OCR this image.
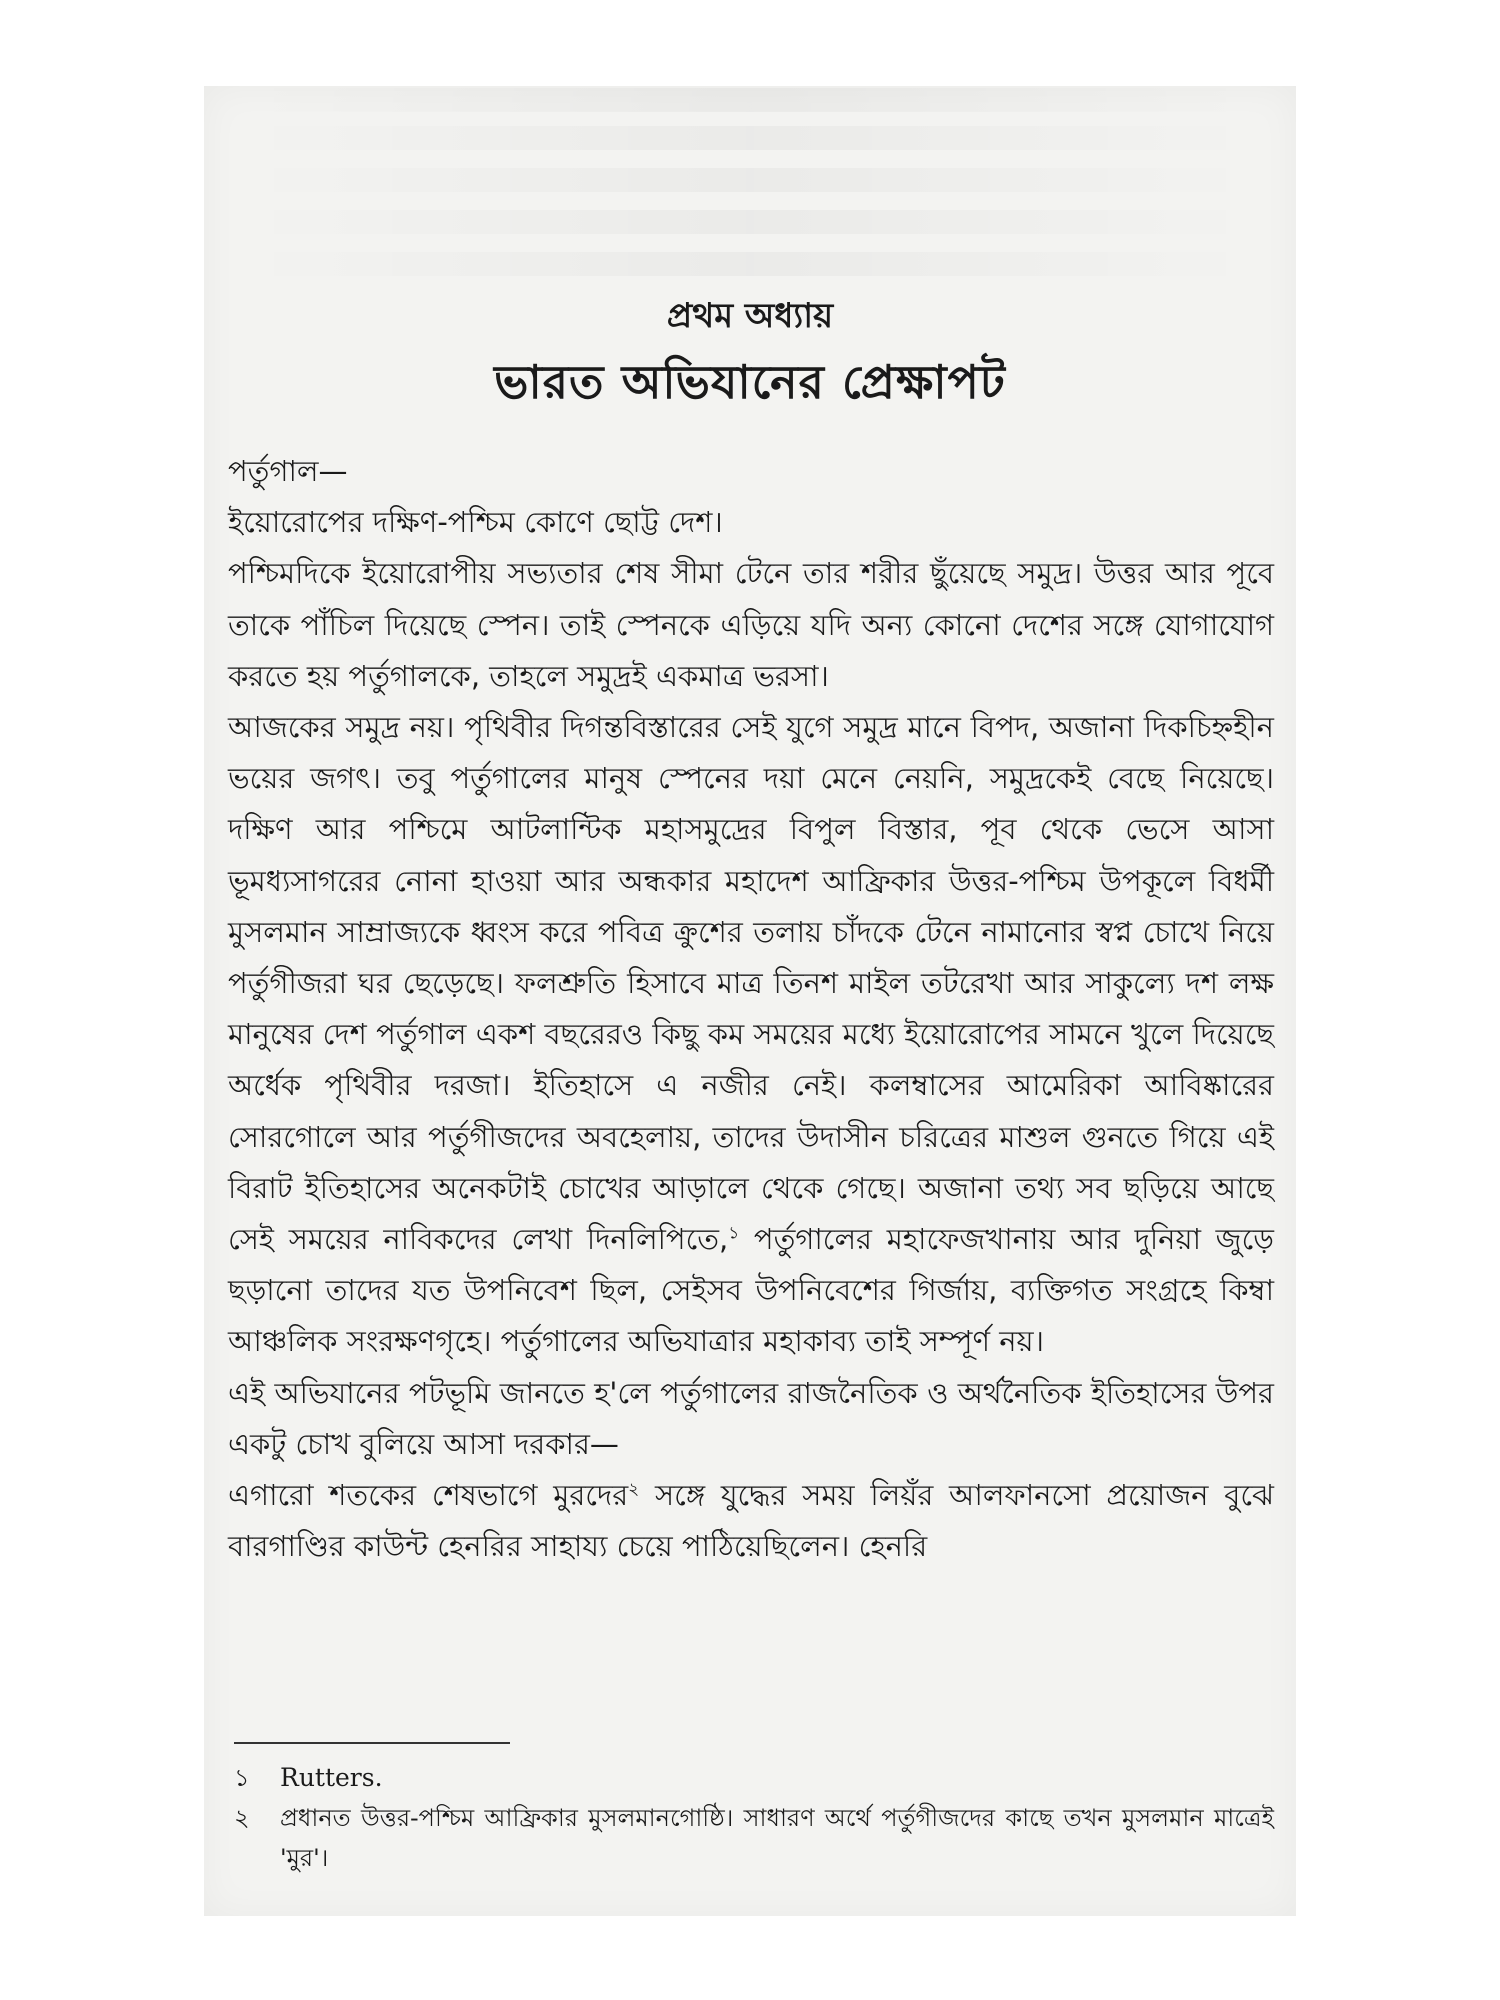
প্রথম অধ্যায়
ভারত অভিযানের প্রেক্ষাপট

পর্তুগাল—

ইয়োরোপের দক্ষিণ-পশ্চিম কোণে ছোট্ট দেশ।

পশ্চিমদিকে ইয়োরোপীয় সভ্যতার শেষ সীমা টেনে তার শরীর ছুঁয়েছে সমুদ্র। উত্তর আর পূবে তাকে পাঁচিল দিয়েছে স্পেন। তাই স্পেনকে এড়িয়ে যদি অন্য কোনো দেশের সঙ্গে যোগাযোগ করতে হয় পর্তুগালকে, তাহলে সমুদ্রই একমাত্র ভরসা।

আজকের সমুদ্র নয়। পৃথিবীর দিগন্তবিস্তারের সেই যুগে সমুদ্র মানে বিপদ, অজানা দিকচিহ্নহীন ভয়ের জগৎ। তবু পর্তুগালের মানুষ স্পেনের দয়া মেনে নেয়নি, সমুদ্রকেই বেছে নিয়েছে। দক্ষিণ আর পশ্চিমে আটলান্টিক মহাসমুদ্রের বিপুল বিস্তার, পূব থেকে ভেসে আসা ভূমধ্যসাগরের নোনা হাওয়া আর অন্ধকার মহাদেশ আফ্রিকার উত্তর-পশ্চিম উপকূলে বিধর্মী মুসলমান সাম্রাজ্যকে ধ্বংস করে পবিত্র ক্রুশের তলায় চাঁদকে টেনে নামানোর স্বপ্ন চোখে নিয়ে পর্তুগীজরা ঘর ছেড়েছে। ফলশ্রুতি হিসাবে মাত্র তিনশ মাইল তটরেখা আর সাকুল্যে দশ লক্ষ মানুষের দেশ পর্তুগাল একশ বছরেরও কিছু কম সময়ের মধ্যে ইয়োরোপের সামনে খুলে দিয়েছে অর্ধেক পৃথিবীর দরজা। ইতিহাসে এ নজীর নেই। কলম্বাসের আমেরিকা আবিষ্কারের সোরগোলে আর পর্তুগীজদের অবহেলায়, তাদের উদাসীন চরিত্রের মাশুল গুনতে গিয়ে এই বিরাট ইতিহাসের অনেকটাই চোখের আড়ালে থেকে গেছে। অজানা তথ্য সব ছড়িয়ে আছে সেই সময়ের নাবিকদের লেখা দিনলিপিতে,$^১$ পর্তুগালের মহাফেজখানায় আর দুনিয়া জুড়ে ছড়ানো তাদের যত উপনিবেশ ছিল, সেইসব উপনিবেশের গির্জায়, ব্যক্তিগত সংগ্রহে কিম্বা আঞ্চলিক সংরক্ষণগৃহে। পর্তুগালের অভিযাত্রার মহাকাব্য তাই সম্পূর্ণ নয়।

এই অভিযানের পটভূমি জানতে হ'লে পর্তুগালের রাজনৈতিক ও অর্থনৈতিক ইতিহাসের উপর একটু চোখ বুলিয়ে আসা দরকার—

এগারো শতকের শেষভাগে মুরদের$^২$ সঙ্গে যুদ্ধের সময় লিয়ঁর আলফানসো প্রয়োজন বুঝে বারগাণ্ডির কাউন্ট হেনরির সাহায্য চেয়ে পাঠিয়েছিলেন। হেনরি

১	Rutters.
২	প্রধানত উত্তর-পশ্চিম আফ্রিকার মুসলমানগোষ্ঠি। সাধারণ অর্থে পর্তুগীজদের কাছে তখন মুসলমান মাত্রেই 'মুর'।
